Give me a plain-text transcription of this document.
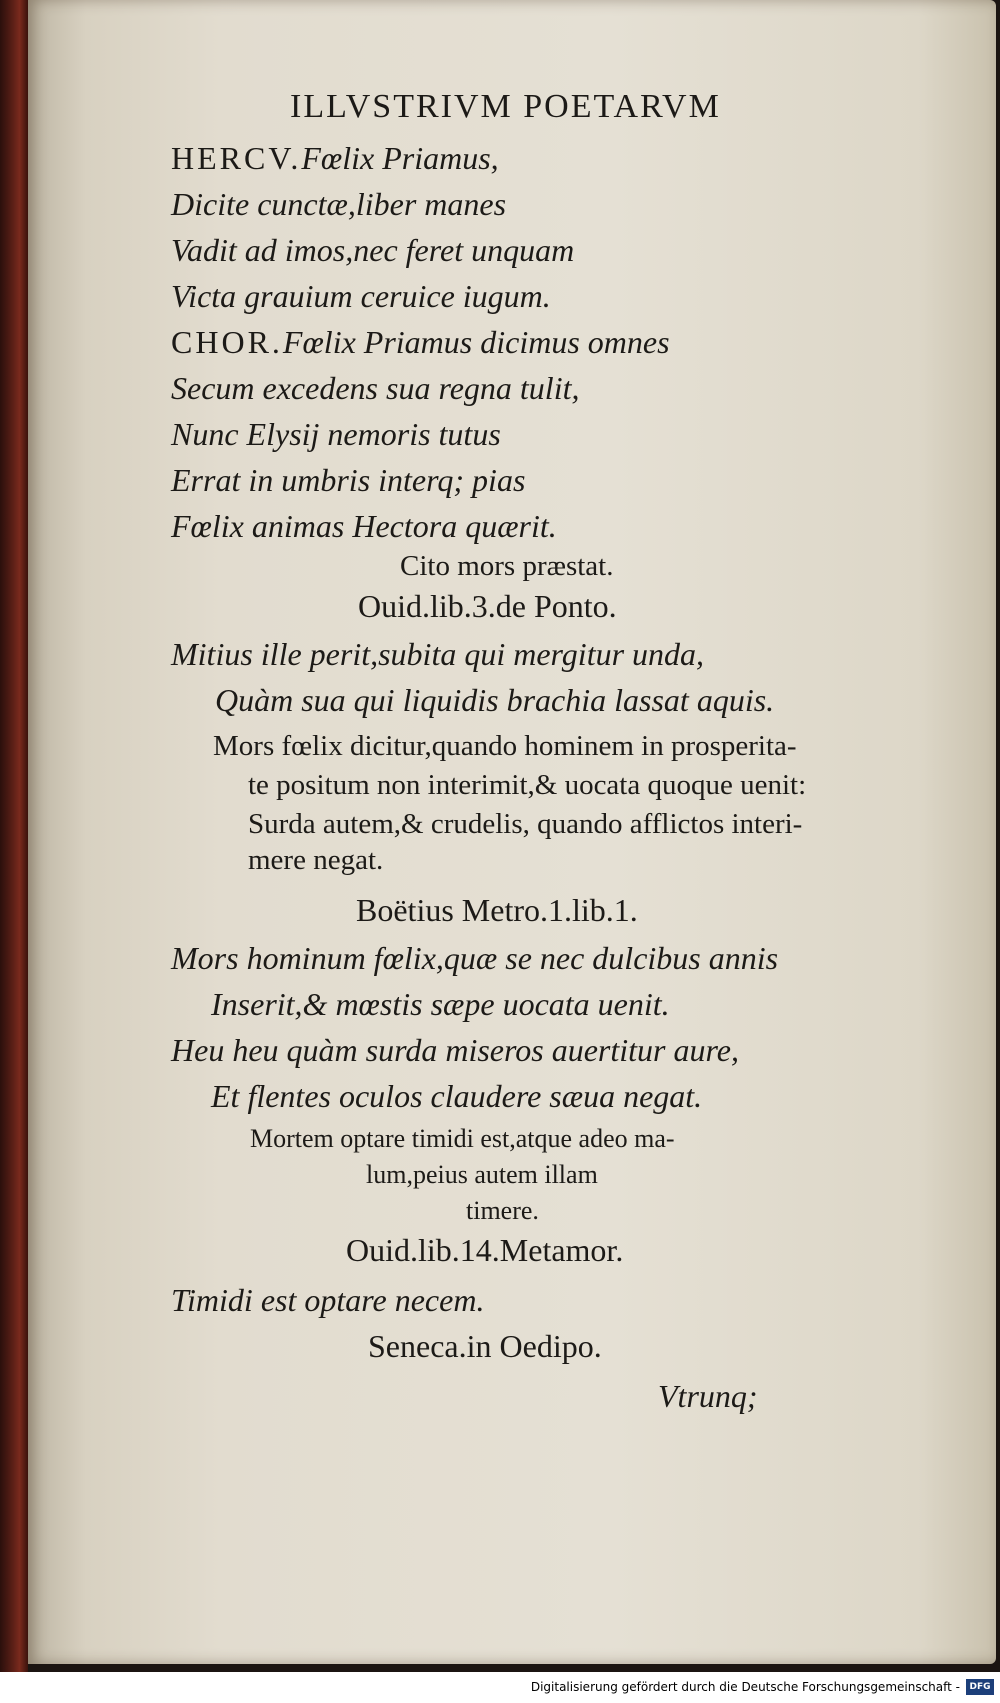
ILLVSTRIVM POETARVM
HERCV.Fœlix Priamus,
Dicite cunctæ,liber manes
Vadit ad imos,nec feret unquam
Victa grauium ceruice iugum.
CHOR.Fœlix Priamus dicimus omnes
Secum excedens sua regna tulit,
Nunc Elysij nemoris tutus
Errat in umbris interq; pias
Fœlix animas Hectora quærit.
Cito mors præstat.
Ouid.lib.3.de Ponto.
Mitius ille perit,subita qui mergitur unda,
Quàm sua qui liquidis brachia lassat aquis.
Mors fœlix dicitur,quando hominem in prosperita-
te positum non interimit,& uocata quoque uenit:
Surda autem,& crudelis, quando afflictos interi-
mere negat.
Boëtius Metro.1.lib.1.
Mors hominum fœlix,quæ se nec dulcibus annis
Inserit,& mœstis sæpe uocata uenit.
Heu heu quàm surda miseros auertitur aure,
Et flentes oculos claudere sæua negat.
Mortem optare timidi est,atque adeo ma-
lum,peius autem illam
timere.
Ouid.lib.14.Metamor.
Timidi est optare necem.
Seneca.in Oedipo.
Vtrunq;
Digitalisierung gefördert durch die Deutsche Forschungsgemeinschaft -	DFG
